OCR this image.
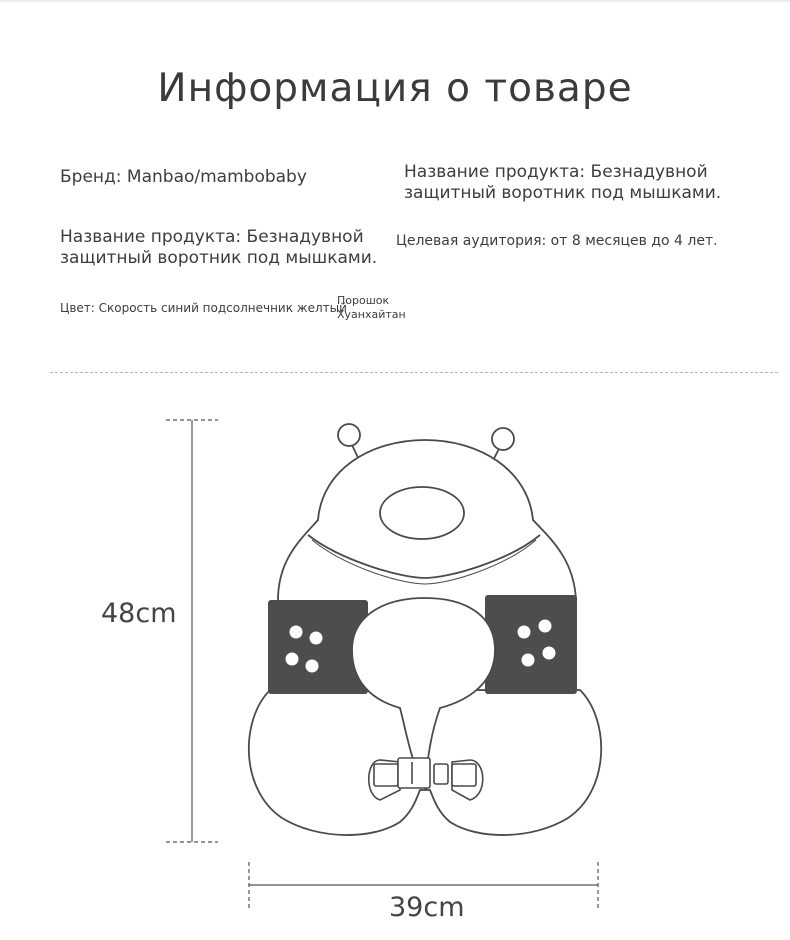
Информация о товаре
Бренд: Manbao/mambobaby	Название продукта: Безнадувной
защитный воротник под мышками.
Название продукта: Безнадувной
защитный воротник под мышками.
Целевая аудитория: от 8 месяцев до 4 лет.
Цвет: Скорость синий подсолнечник желтый
Порошок
Хуанхайтан
48cm
39cm
